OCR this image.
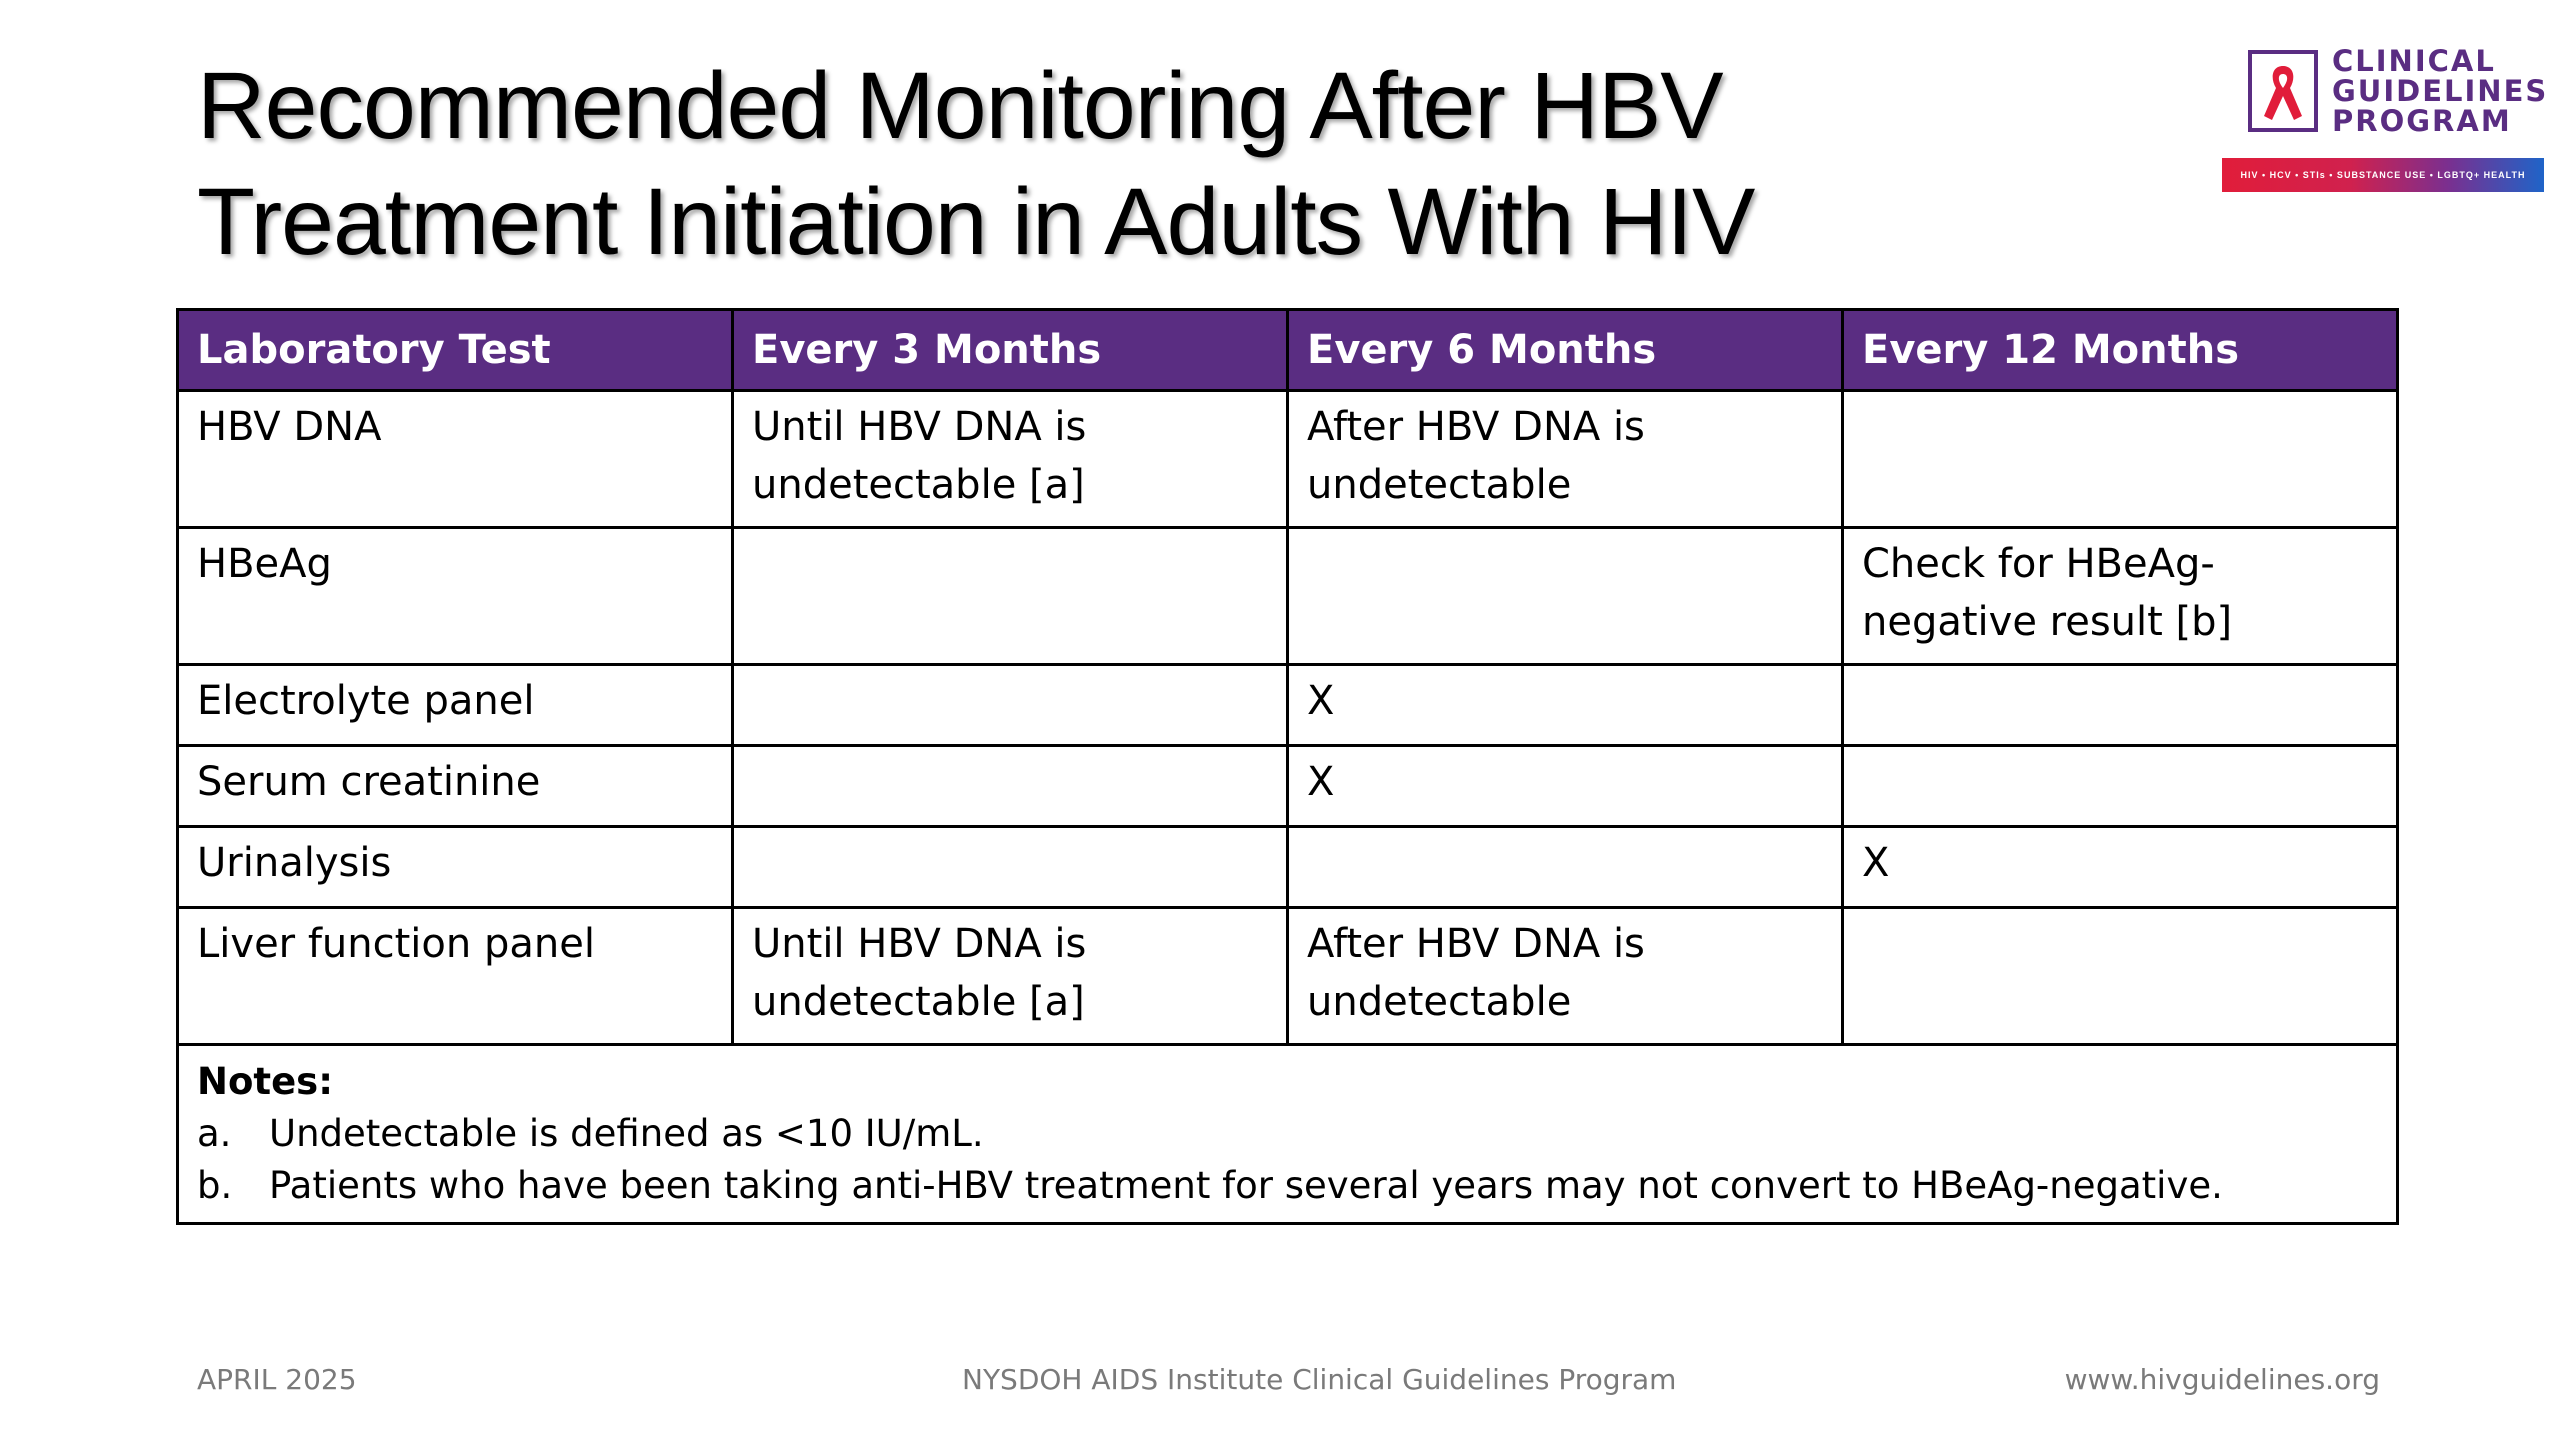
Recommended Monitoring After HBV
Treatment Initiation in Adults With HIV
CLINICAL
GUIDELINES
PROGRAM
HIV • HCV • STIs • SUBSTANCE USE • LGBTQ+ HEALTH
Laboratory Test	Every 3 Months	Every 6 Months	Every 12 Months
HBV DNA	Until HBV DNA is undetectable [a]	After HBV DNA is undetectable	
HBeAg			Check for HBeAg-negative result [b]
Electrolyte panel		X	
Serum creatinine		X	
Urinalysis			X
Liver function panel	Until HBV DNA is undetectable [a]	After HBV DNA is undetectable	

Notes:
a. Undetectable is defined as <10 IU/mL.
b. Patients who have been taking anti-HBV treatment for several years may not convert to HBeAg-negative.			
APRIL 2025	NYSDOH AIDS Institute Clinical Guidelines Program	www.hivguidelines.org
